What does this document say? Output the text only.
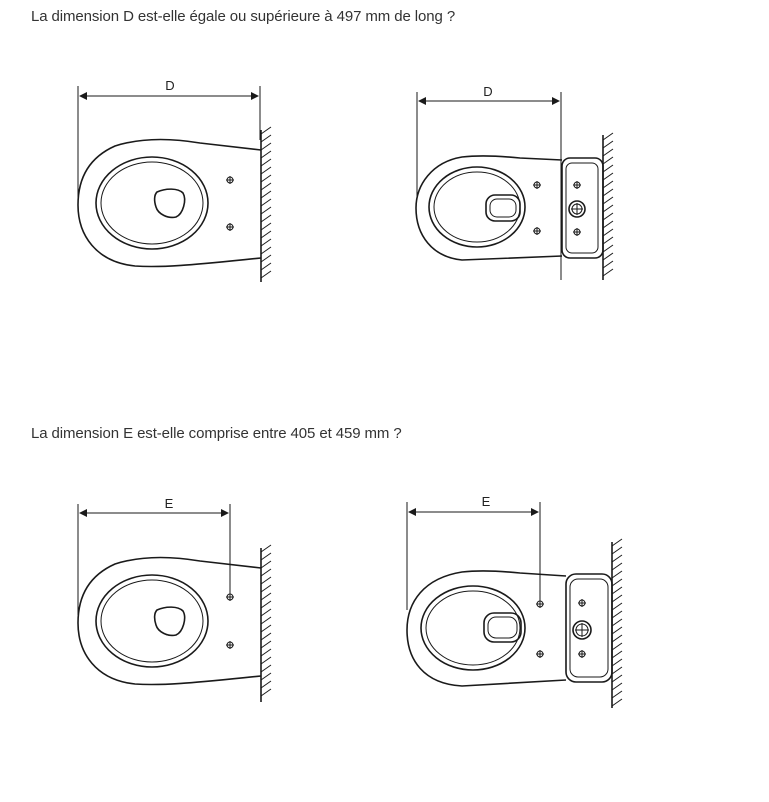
La dimension D est-elle égale ou supérieure à 497 mm de long ?
La dimension E est-elle comprise entre 405 et 459 mm ?
D	D
E	E
